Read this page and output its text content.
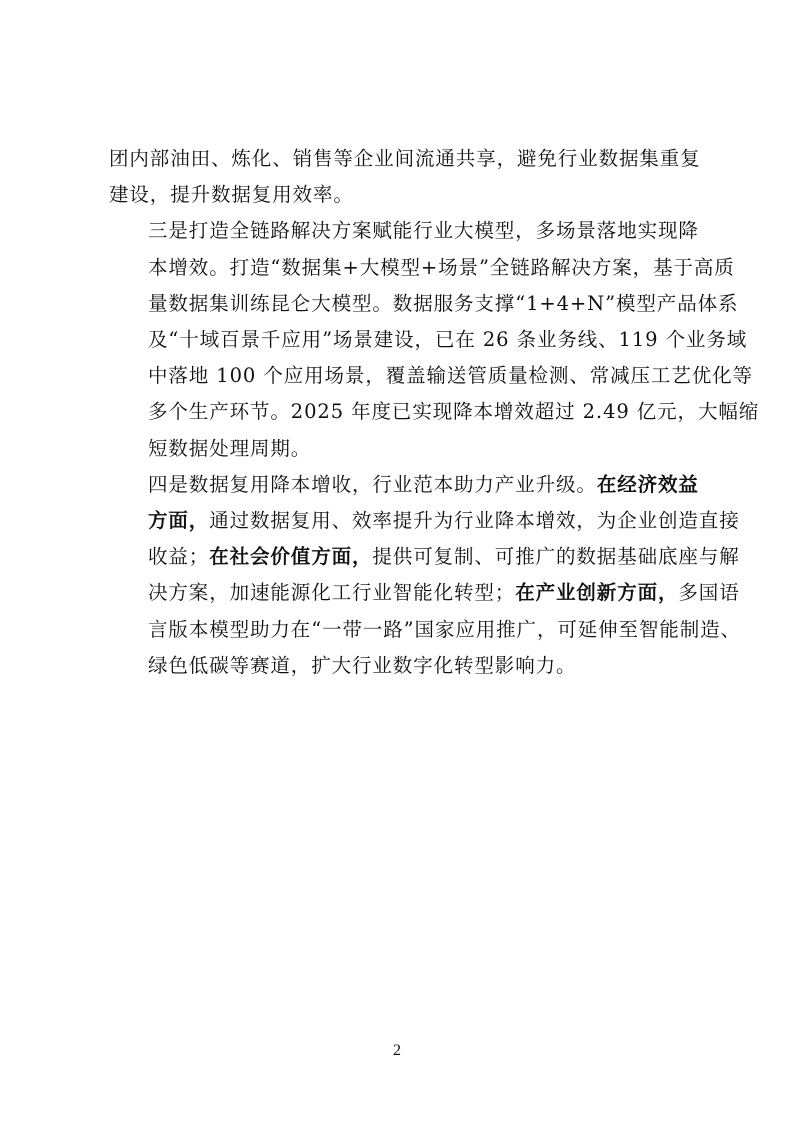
团内部油田、炼化、销售等企业间流通共享，避免行业数据集重复
建设，提升数据复用效率。

三是打造全链路解决方案赋能行业大模型，多场景落地实现降
本增效。打造“数据集+大模型+场景”全链路解决方案，基于高质
量数据集训练昆仑大模型。数据服务支撑“1+4+N”模型产品体系
及“十域百景千应用”场景建设，已在 26 条业务线、119 个业务域
中落地 100 个应用场景，覆盖输送管质量检测、常减压工艺优化等
多个生产环节。2025 年度已实现降本增效超过 2.49 亿元，大幅缩
短数据处理周期。

四是数据复用降本增收，行业范本助力产业升级。在经济效益
方面，通过数据复用、效率提升为行业降本增效，为企业创造直接
收益；在社会价值方面，提供可复制、可推广的数据基础底座与解
决方案，加速能源化工行业智能化转型；在产业创新方面，多国语
言版本模型助力在“一带一路”国家应用推广，可延伸至智能制造、
绿色低碳等赛道，扩大行业数字化转型影响力。

2
